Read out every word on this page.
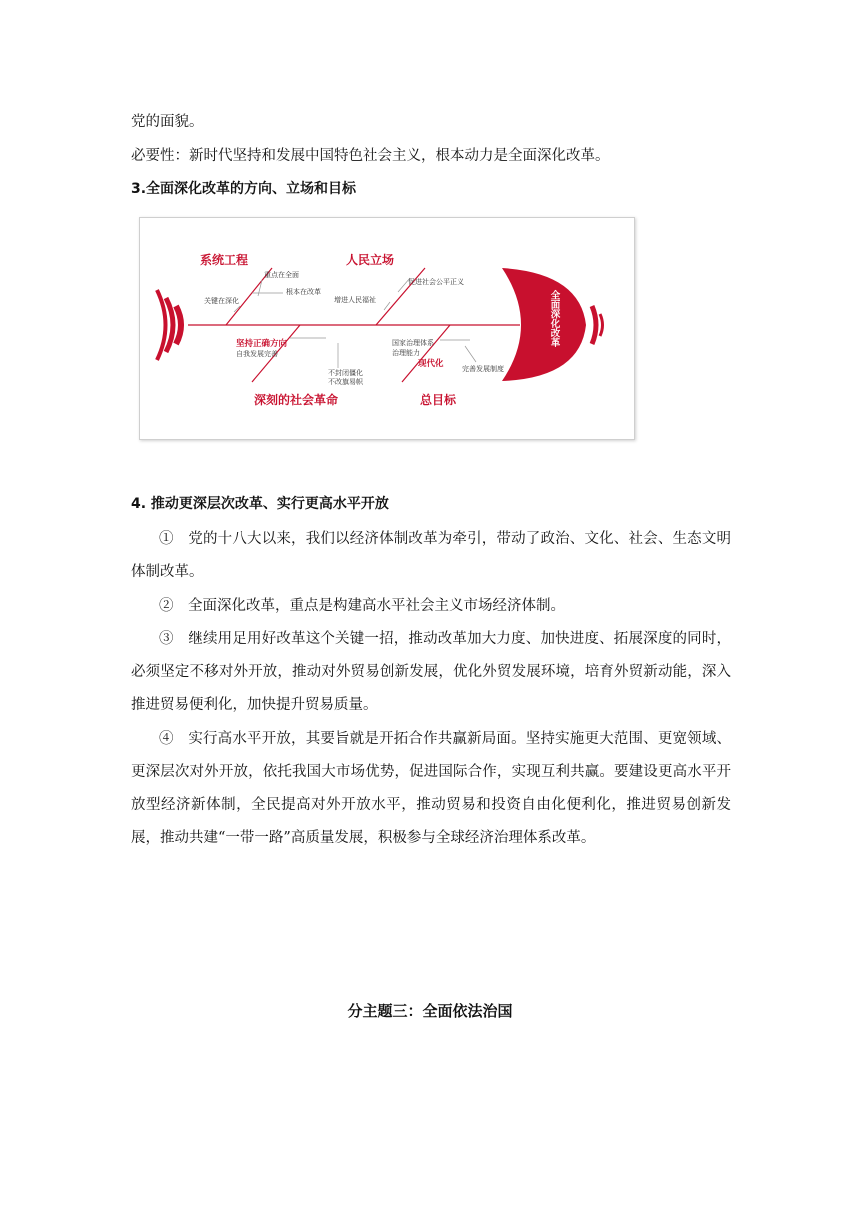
党的面貌。
必要性：新时代坚持和发展中国特色社会主义，根本动力是全面深化改革。
3.全面深化改革的方向、立场和目标
系统工程	人民立场
坚持正确方向
深刻的社会革命	总目标
现代化
重点在全面
根本在改革
关键在深化
促进社会公平正义
增进人民福祉
自我发展完善
不封闭僵化
不改旗易帜
国家治理体系
治理能力
完善发展制度
全面深化改革
4. 推动更深层次改革、实行更高水平开放
①　 党的十八大以来，我们以经济体制改革为牵引，带动了政治、文化、社会、生态文明体制改革。
②　 全面深化改革，重点是构建高水平社会主义市场经济体制。
③　 继续用足用好改革这个关键一招，推动改革加大力度、加快进度、拓展深度的同时，必须坚定不移对外开放，推动对外贸易创新发展，优化外贸发展环境，培育外贸新动能，深入推进贸易便利化，加快提升贸易质量。
④　 实行高水平开放，其要旨就是开拓合作共赢新局面。坚持实施更大范围、更宽领域、更深层次对外开放，依托我国大市场优势，促进国际合作，实现互利共赢。要建设更高水平开放型经济新体制，全民提高对外开放水平，推动贸易和投资自由化便利化，推进贸易创新发展，推动共建“一带一路”高质量发展，积极参与全球经济治理体系改革。
分主题三：全面依法治国
